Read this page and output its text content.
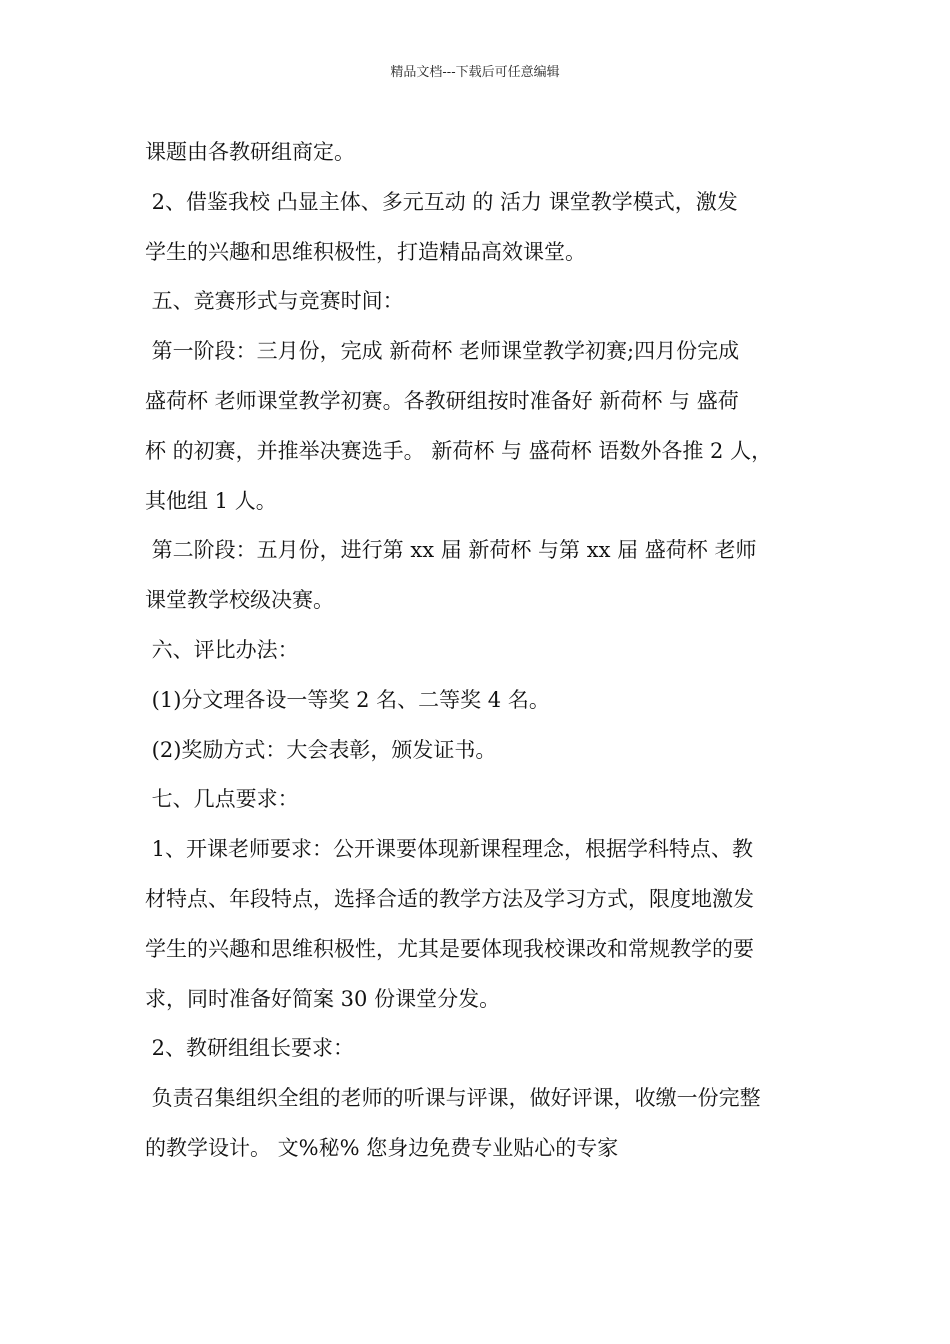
精品文档---下载后可任意编辑
课题由各教研组商定。
2、借鉴我校 凸显主体、多元互动 的 活力 课堂教学模式，激发
学生的兴趣和思维积极性，打造精品高效课堂。
五、竞赛形式与竞赛时间：
第一阶段：三月份，完成 新荷杯 老师课堂教学初赛;四月份完成
盛荷杯 老师课堂教学初赛。各教研组按时准备好 新荷杯 与 盛荷
杯 的初赛，并推举决赛选手。 新荷杯 与 盛荷杯 语数外各推 2 人，
其他组 1 人。
第二阶段：五月份，进行第 xx 届 新荷杯 与第 xx 届 盛荷杯 老师
课堂教学校级决赛。
六、评比办法：
(1)分文理各设一等奖 2 名、二等奖 4 名。
(2)奖励方式：大会表彰，颁发证书。
七、几点要求：
1、开课老师要求：公开课要体现新课程理念，根据学科特点、教
材特点、年段特点，选择合适的教学方法及学习方式，限度地激发
学生的兴趣和思维积极性，尤其是要体现我校课改和常规教学的要
求，同时准备好简案 30 份课堂分发。
2、教研组组长要求：
负责召集组织全组的老师的听课与评课，做好评课，收缴一份完整
的教学设计。 文%秘% 您身边免费专业贴心的专家
